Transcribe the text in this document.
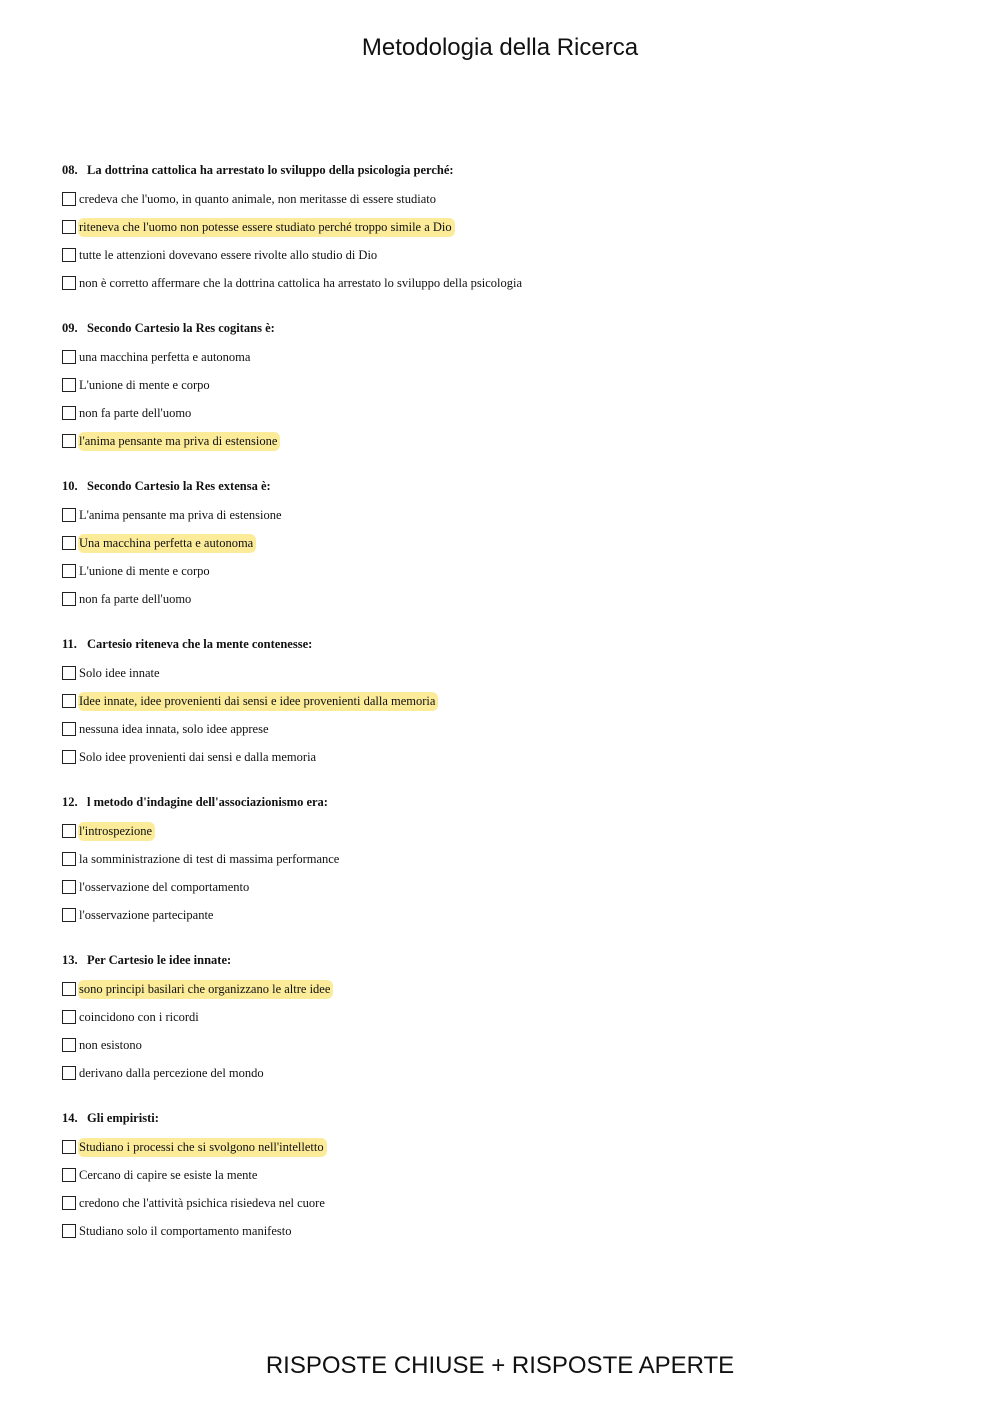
Metodologia della Ricerca
08. La dottrina cattolica ha arrestato lo sviluppo della psicologia perché:
credeva che l'uomo, in quanto animale, non meritasse di essere studiato
riteneva che l'uomo non potesse essere studiato perché troppo simile a Dio
tutte le attenzioni dovevano essere rivolte allo studio di Dio
non è corretto affermare che la dottrina cattolica ha arrestato lo sviluppo della psicologia
09. Secondo Cartesio la Res cogitans è:
una macchina perfetta e autonoma
L'unione di mente e corpo
non fa parte dell'uomo
l'anima pensante ma priva di estensione
10. Secondo Cartesio la Res extensa è:
L'anima pensante ma priva di estensione
Una macchina perfetta e autonoma
L'unione di mente e corpo
non fa parte dell'uomo
11. Cartesio riteneva che la mente contenesse:
Solo idee innate
Idee innate, idee provenienti dai sensi e idee provenienti dalla memoria
nessuna idea innata, solo idee apprese
Solo idee provenienti dai sensi e dalla memoria
12. l metodo d'indagine dell'associazionismo era:
l'introspezione
la somministrazione di test di massima performance
l'osservazione del comportamento
l'osservazione partecipante
13. Per Cartesio le idee innate:
sono principi basilari che organizzano le altre idee
coincidono con i ricordi
non esistono
derivano dalla percezione del mondo
14. Gli empiristi:
Studiano i processi che si svolgono nell'intelletto
Cercano di capire se esiste la mente
credono che l'attività psichica risiedeva nel cuore
Studiano solo il comportamento manifesto
RISPOSTE CHIUSE + RISPOSTE APERTE
